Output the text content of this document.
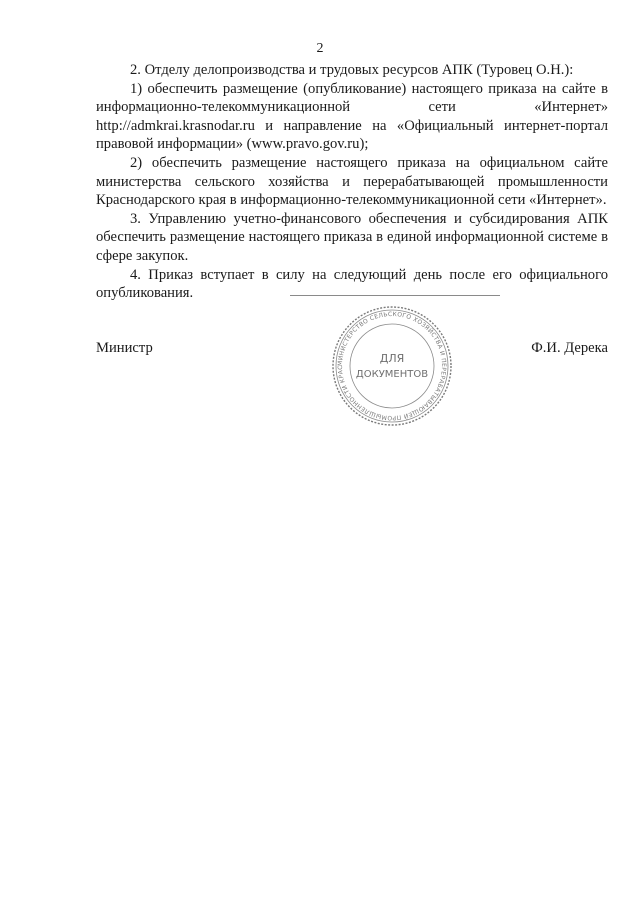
2

2. Отделу делопроизводства и трудовых ресурсов АПК (Туровец О.Н.):

1) обеспечить размещение (опубликование) настоящего приказа на сайте в информационно-телекоммуникационной сети «Интернет» http://admkrai.krasnodar.ru и направление на «Официальный интернет-портал правовой информации» (www.pravo.gov.ru);

2) обеспечить размещение настоящего приказа на официальном сайте министерства сельского хозяйства и перерабатывающей промышленности Краснодарского края в информационно-телекоммуникационной сети «Интернет».

3. Управлению учетно-финансового обеспечения и субсидирования АПК обеспечить размещение настоящего приказа в единой информационной системе в сфере закупок.

4. Приказ вступает в силу на следующий день после его официального опубликования.

МИНИСТЕРСТВО СЕЛЬСКОГО ХОЗЯЙСТВА И ПЕРЕРАБАТЫВАЮЩЕЙ ПРОМЫШЛЕННОСТИ КРАС
ДЛЯ
ДОКУМЕНТОВ
Министр	Ф.И. Дерека
